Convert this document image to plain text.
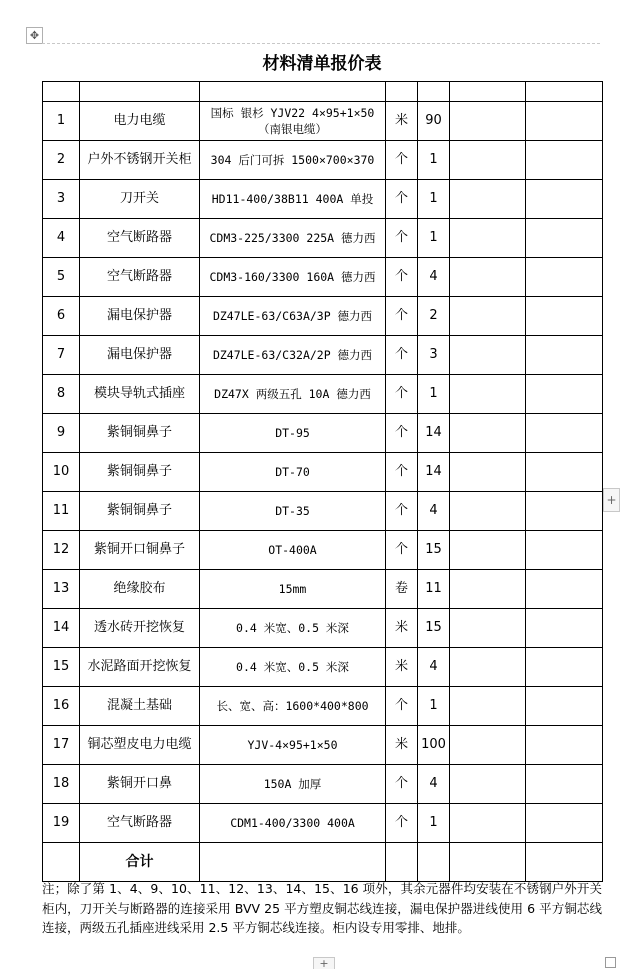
✥
材料清单报价表

1	电力电缆	国标 银杉 YJV22 4×95+1×50（南银电缆）	米	90		
2	户外不锈钢开关柜	304 后门可拆 1500×700×370	个	1		
3	刀开关	HD11-400/38B11 400A 单投	个	1		
4	空气断路器	CDM3-225/3300 225A 德力西	个	1		
5	空气断路器	CDM3-160/3300 160A 德力西	个	4		
6	漏电保护器	DZ47LE-63/C63A/3P 德力西	个	2		
7	漏电保护器	DZ47LE-63/C32A/2P 德力西	个	3		
8	模块导轨式插座	DZ47X 两级五孔 10A 德力西	个	1		
9	紫铜铜鼻子	DT-95	个	14		
10	紫铜铜鼻子	DT-70	个	14		
11	紫铜铜鼻子	DT-35	个	4		
12	紫铜开口铜鼻子	OT-400A	个	15		
13	绝缘胶布	15mm	卷	11		
14	透水砖开挖恢复	0.4 米宽、0.5 米深	米	15		
15	水泥路面开挖恢复	0.4 米宽、0.5 米深	米	4		
16	混凝土基础	长、宽、高：1600*400*800	个	1		
17	铜芯塑皮电力电缆	YJV-4×95+1×50	米	100		
18	紫铜开口鼻	150A 加厚	个	4		
19	空气断路器	CDM1-400/3300 400A	个	1		
	合计					
注；除了第 1、4、9、10、11、12、13、14、15、16 项外，其余元器件均安装在不锈钢户外开关柜内，刀开关与断路器的连接采用 BVV 25 平方塑皮铜芯线连接，漏电保护器进线使用 6 平方铜芯线连接，两级五孔插座进线采用 2.5 平方铜芯线连接。柜内设专用零排、地排。
+
+
